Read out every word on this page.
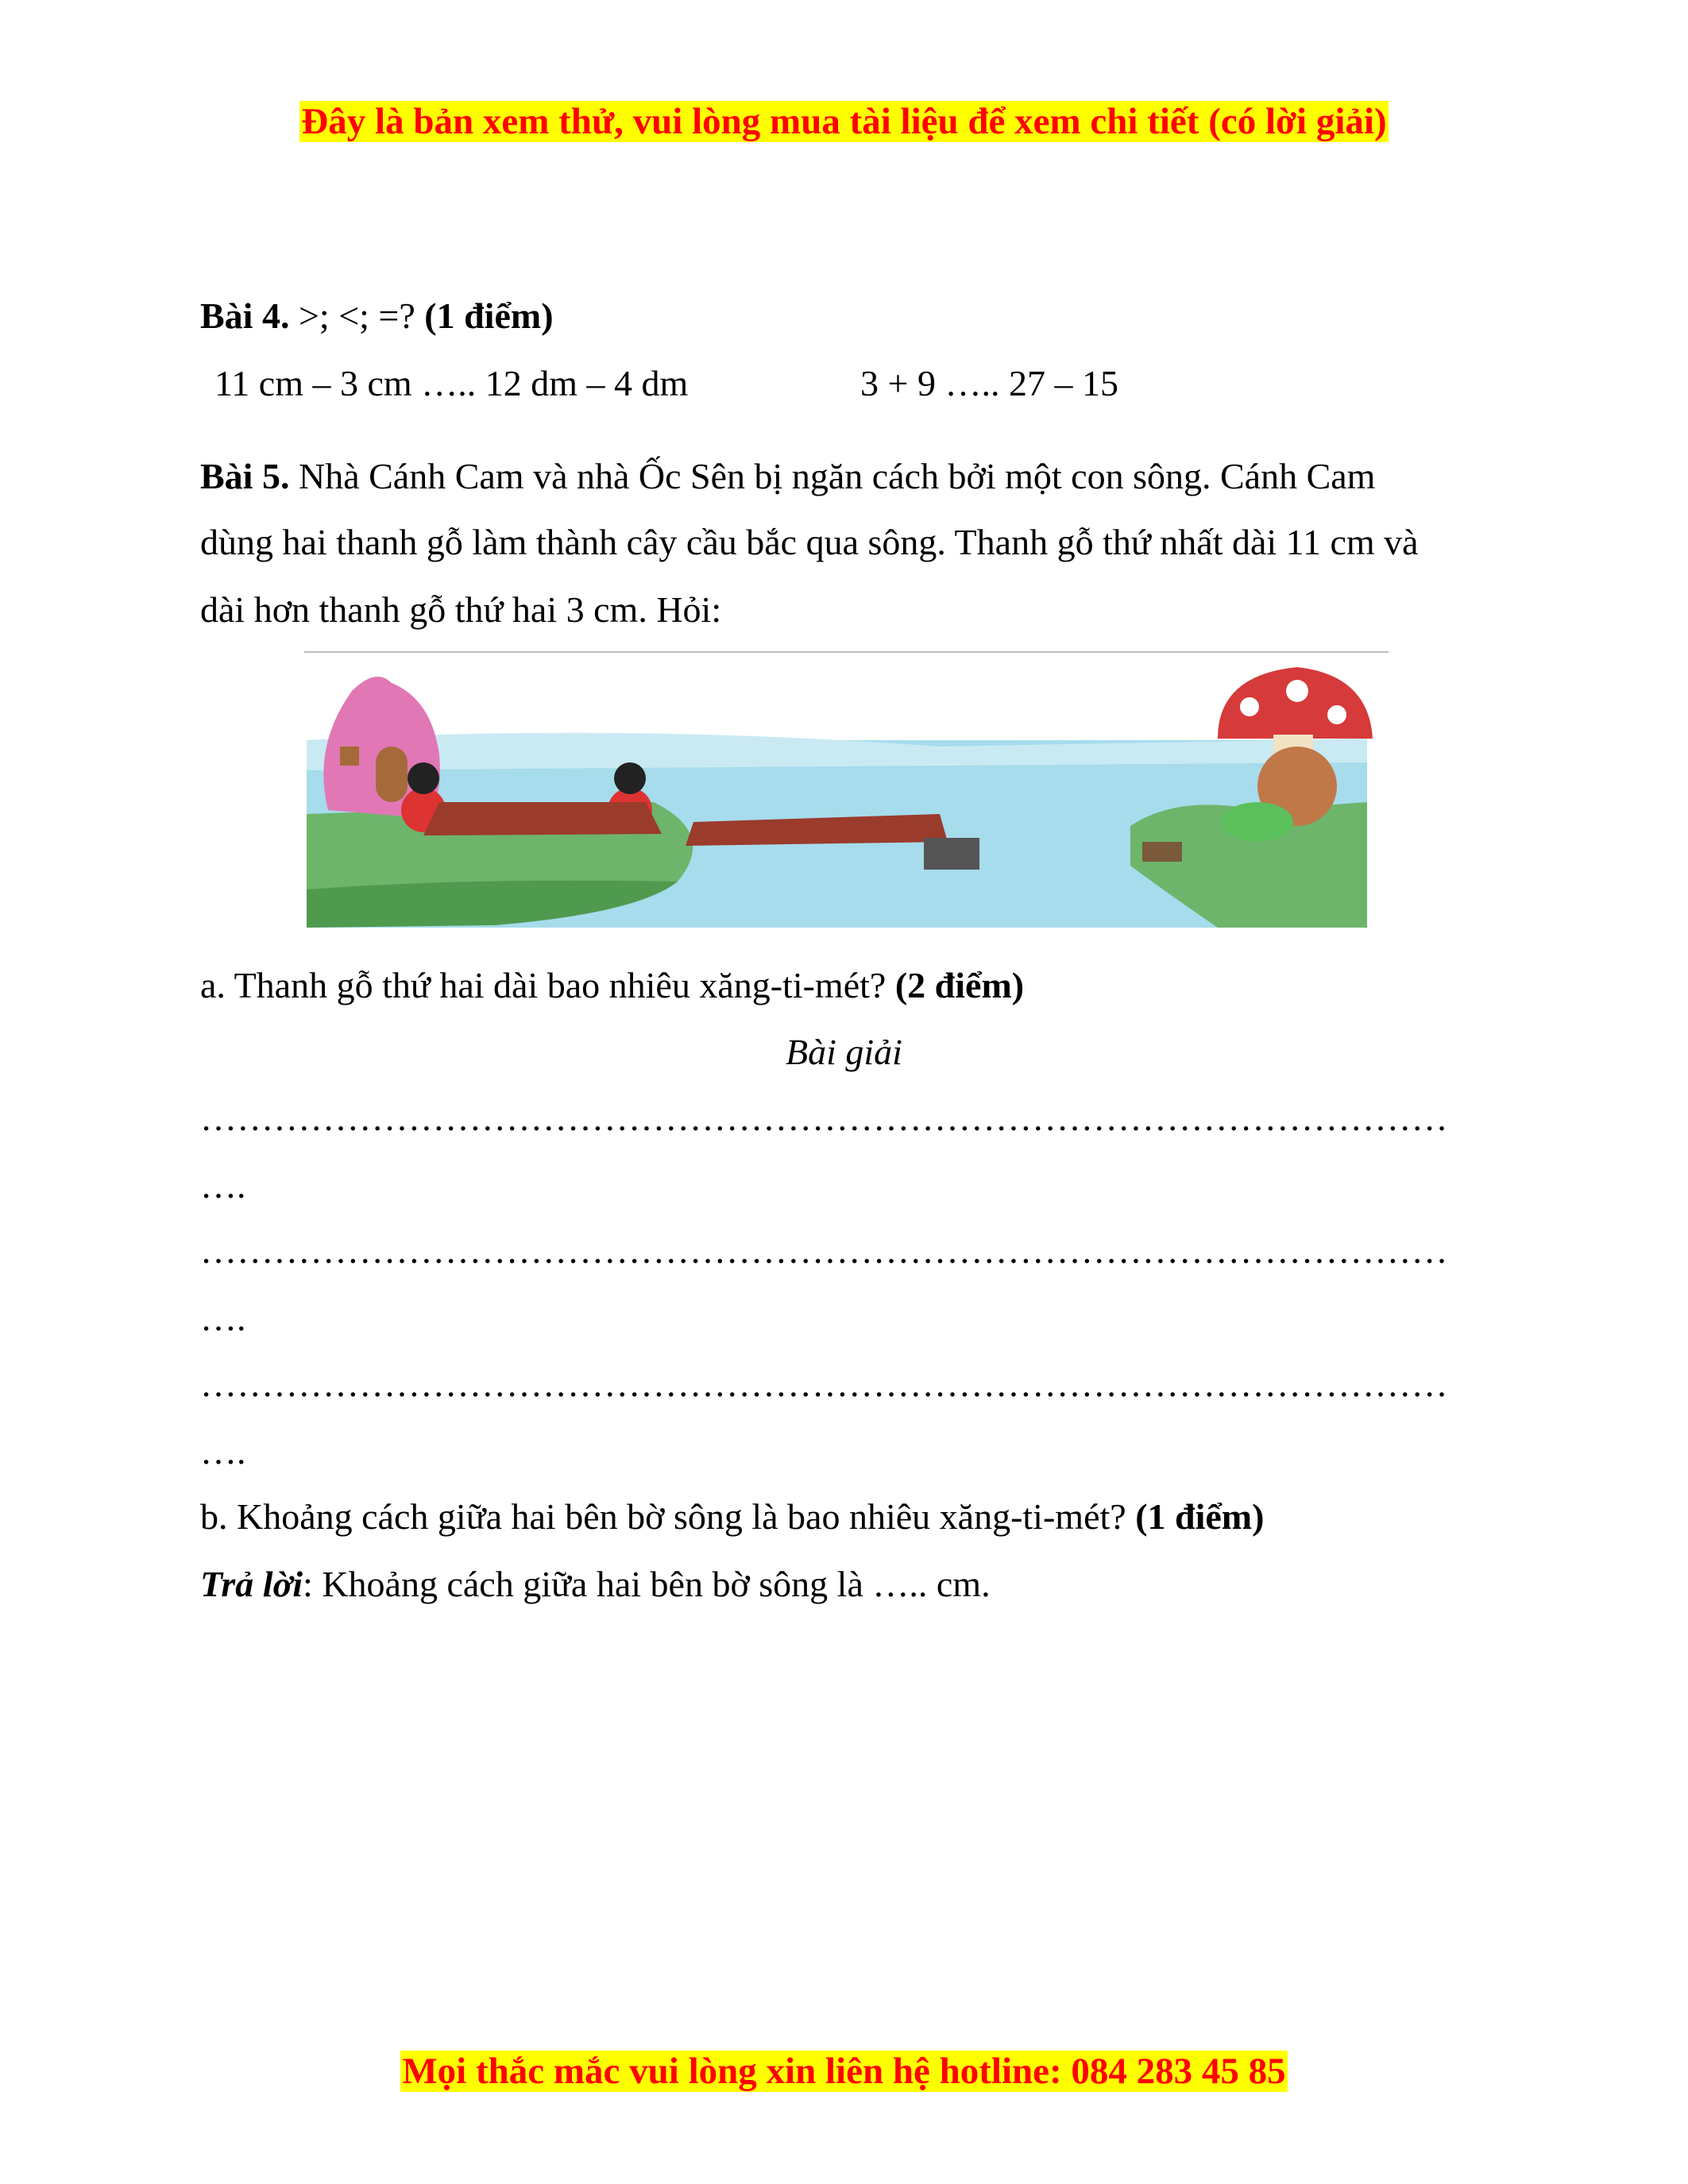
Đây là bản xem thử, vui lòng mua tài liệu để xem chi tiết (có lời giải)
Bài 4. >; <; =? (1 điểm)
11 cm – 3 cm ….. 12 dm – 4 dm	3 + 9 ….. 27 – 15
Bài 5. Nhà Cánh Cam và nhà Ốc Sên bị ngăn cách bởi một con sông. Cánh Cam
dùng hai thanh gỗ làm thành cây cầu bắc qua sông. Thanh gỗ thứ nhất dài 11 cm và
dài hơn thanh gỗ thứ hai 3 cm. Hỏi:
a. Thanh gỗ thứ hai dài bao nhiêu xăng-ti-mét? (2 điểm)
Bài giải
…………………………………………………………………………………………
….
…………………………………………………………………………………………
….
…………………………………………………………………………………………
….
b. Khoảng cách giữa hai bên bờ sông là bao nhiêu xăng-ti-mét? (1 điểm)
Trả lời: Khoảng cách giữa hai bên bờ sông là ….. cm.
Mọi thắc mắc vui lòng xin liên hệ hotline: 084 283 45 85
